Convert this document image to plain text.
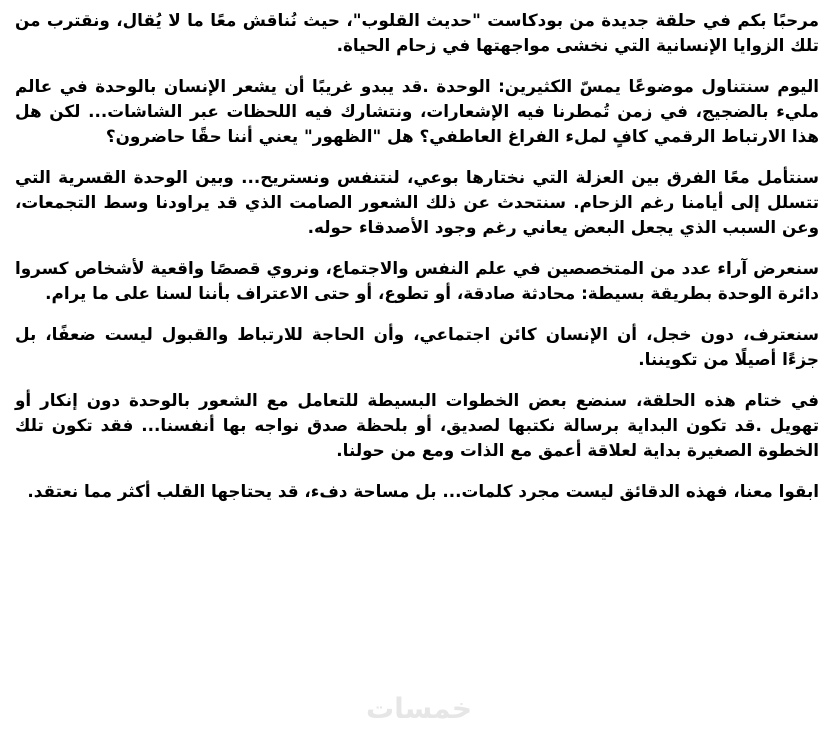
مرحبًا بكم في حلقة جديدة من بودكاست "حديث القلوب"، حيث نُناقش معًا ما لا يُقال، ونقترب من تلك الزوايا الإنسانية التي نخشى مواجهتها في زحام الحياة.

اليوم سنتناول موضوعًا يمسّ الكثيرين: الوحدة .قد يبدو غريبًا أن يشعر الإنسان بالوحدة في عالم مليء بالضجيج، في زمن تُمطرنا فيه الإشعارات، ونتشارك فيه اللحظات عبر الشاشات... لكن هل هذا الارتباط الرقمي كافٍ لملء الفراغ العاطفي؟ هل "الظهور" يعني أننا حقًا حاضرون؟

سنتأمل معًا الفرق بين العزلة التي نختارها بوعي، لنتنفس ونستريح... وبين الوحدة القسرية التي تتسلل إلى أيامنا رغم الزحام. سنتحدث عن ذلك الشعور الصامت الذي قد يراودنا وسط التجمعات، وعن السبب الذي يجعل البعض يعاني رغم وجود الأصدقاء حوله.

سنعرض آراء عدد من المتخصصين في علم النفس والاجتماع، ونروي قصصًا واقعية لأشخاص كسروا دائرة الوحدة بطريقة بسيطة: محادثة صادقة، أو تطوع، أو حتى الاعتراف بأننا لسنا على ما يرام.

سنعترف، دون خجل، أن الإنسان كائن اجتماعي، وأن الحاجة للارتباط والقبول ليست ضعفًا، بل جزءًا أصيلًا من تكويننا.

في ختام هذه الحلقة، سنضع بعض الخطوات البسيطة للتعامل مع الشعور بالوحدة دون إنكار أو تهويل .قد تكون البداية برسالة نكتبها لصديق، أو بلحظة صدق نواجه بها أنفسنا... فقد تكون تلك الخطوة الصغيرة بداية لعلاقة أعمق مع الذات ومع من حولنا.

ابقوا معنا، فهذه الدقائق ليست مجرد كلمات... بل مساحة دفء، قد يحتاجها القلب أكثر مما نعتقد.

خمسات
